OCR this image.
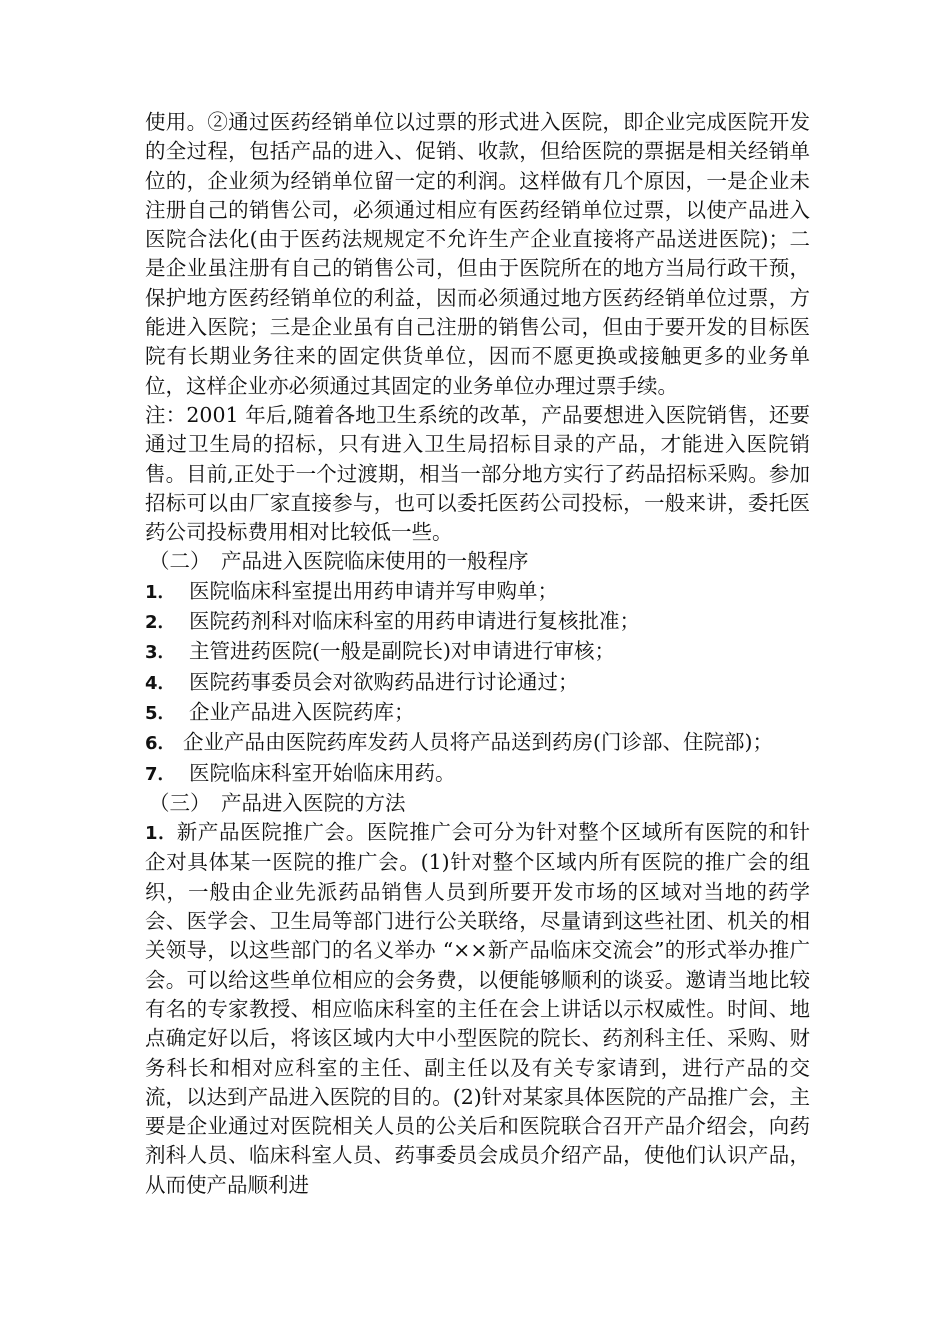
使用。②通过医药经销单位以过票的形式进入医院，即企业完成医院开发的全过程，包括产品的进入、促销、收款，但给医院的票据是相关经销单位的，企业须为经销单位留一定的利润。这样做有几个原因，一是企业未注册自己的销售公司，必须通过相应有医药经销单位过票，以使产品进入医院合法化(由于医药法规规定不允许生产企业直接将产品送进医院)；二是企业虽注册有自己的销售公司，但由于医院所在的地方当局行政干预，保护地方医药经销单位的利益，因而必须通过地方医药经销单位过票，方能进入医院；三是企业虽有自己注册的销售公司，但由于要开发的目标医院有长期业务往来的固定供货单位，因而不愿更换或接触更多的业务单位，这样企业亦必须通过其固定的业务单位办理过票手续。

注：2001 年后,随着各地卫生系统的改革，产品要想进入医院销售，还要通过卫生局的招标，只有进入卫生局招标目录的产品，才能进入医院销售。目前,正处于一个过渡期，相当一部分地方实行了药品招标采购。参加招标可以由厂家直接参与，也可以委托医药公司投标，一般来讲，委托医药公司投标费用相对比较低一些。

（二） 产品进入医院临床使用的一般程序

1． 医院临床科室提出用药申请并写申购单；

2． 医院药剂科对临床科室的用药申请进行复核批准；

3． 主管进药医院(一般是副院长)对申请进行审核；

4． 医院药事委员会对欲购药品进行讨论通过；

5． 企业产品进入医院药库；

6． 企业产品由医院药库发药人员将产品送到药房(门诊部、住院部)；

7． 医院临床科室开始临床用药。

（三） 产品进入医院的方法

1．新产品医院推广会。医院推广会可分为针对整个区域所有医院的和针企对具体某一医院的推广会。(1)针对整个区域内所有医院的推广会的组织，一般由企业先派药品销售人员到所要开发市场的区域对当地的药学会、医学会、卫生局等部门进行公关联络，尽量请到这些社团、机关的相关领导，以这些部门的名义举办 “××新产品临床交流会”的形式举办推广会。可以给这些单位相应的会务费，以便能够顺利的谈妥。邀请当地比较有名的专家教授、相应临床科室的主任在会上讲话以示权威性。时间、地点确定好以后，将该区域内大中小型医院的院长、药剂科主任、采购、财务科长和相对应科室的主任、副主任以及有关专家请到，进行产品的交流，以达到产品进入医院的目的。(2)针对某家具体医院的产品推广会，主要是企业通过对医院相关人员的公关后和医院联合召开产品介绍会，向药剂科人员、临床科室人员、药事委员会成员介绍产品，使他们认识产品，从而使产品顺利进
